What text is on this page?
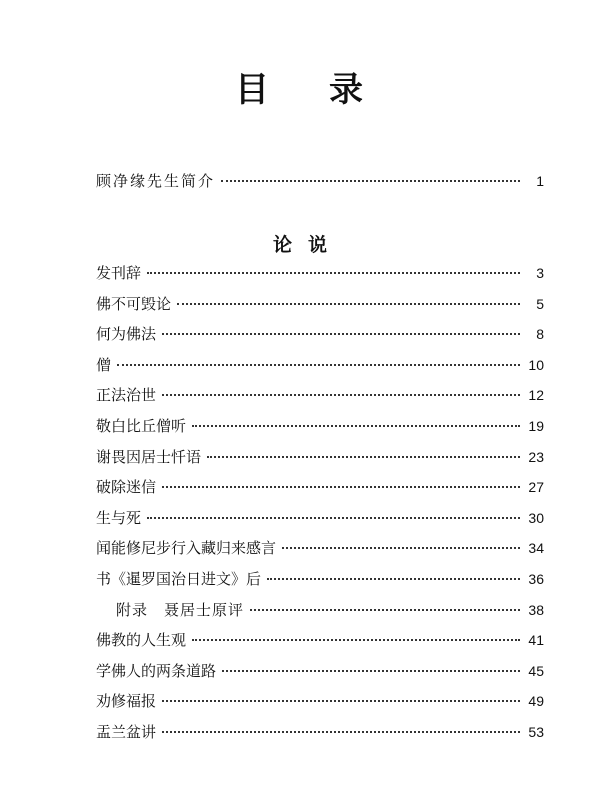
目 录
顾净缘先生简介	1
论 说
发刊辞	3
佛不可毁论	5
何为佛法	8
僧	10
正法治世	12
敬白比丘僧听	19
谢畏因居士忏语	23
破除迷信	27
生与死	30
闻能修尼步行入藏归来感言	34
书《暹罗国治日进文》后	36
附录　聂居士原评	38
佛教的人生观	41
学佛人的两条道路	45
劝修福报	49
盂兰盆讲	53
